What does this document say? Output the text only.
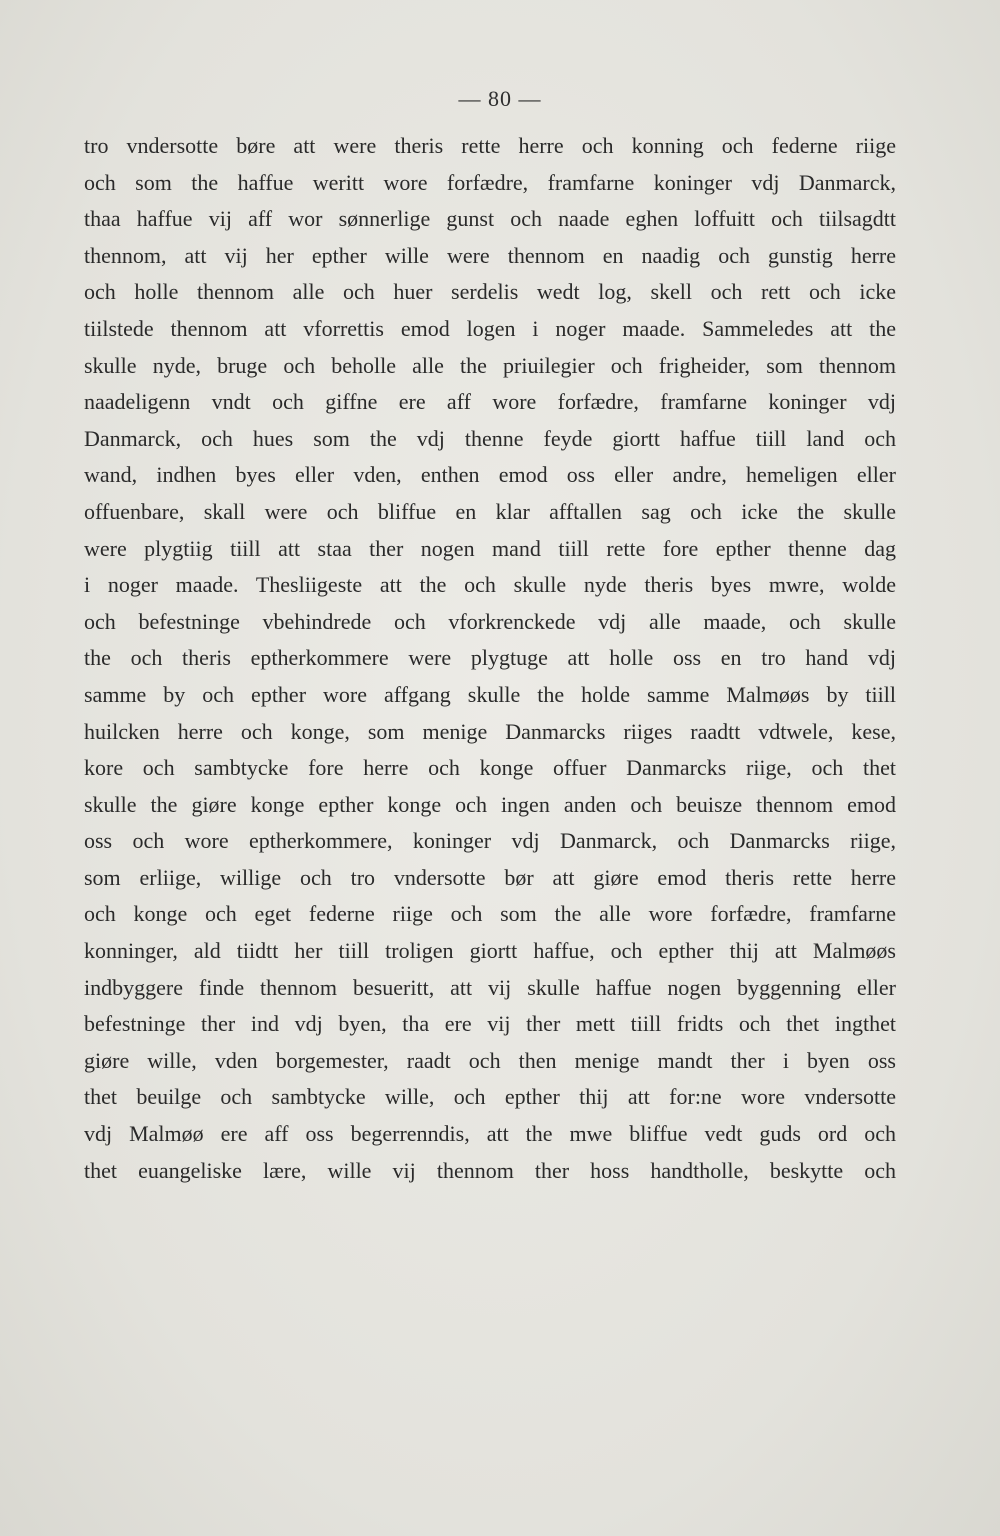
— 80 —
tro vndersotte børe att were theris rette herre och konning och federne riige
och som the haffue weritt wore forfædre, framfarne koninger vdj Danmarck,
thaa haffue vij aff wor sønnerlige gunst och naade eghen loffuitt och tiilsagdtt
thennom, att vij her epther wille were thennom en naadig och gunstig herre
och holle thennom alle och huer serdelis wedt log, skell och rett och icke
tiilstede thennom att vforrettis emod logen i noger maade. Sammeledes att the
skulle nyde, bruge och beholle alle the priuilegier och frigheider, som thennom
naadeligenn vndt och giffne ere aff wore forfædre, framfarne koninger vdj
Danmarck, och hues som the vdj thenne feyde giortt haffue tiill land och
wand, indhen byes eller vden, enthen emod oss eller andre, hemeligen eller
offuenbare, skall were och bliffue en klar afftallen sag och icke the skulle
were plygtiig tiill att staa ther nogen mand tiill rette fore epther thenne dag
i noger maade. Thesliigeste att the och skulle nyde theris byes mwre, wolde
och befestninge vbehindrede och vforkrenckede vdj alle maade, och skulle
the och theris eptherkommere were plygtuge att holle oss en tro hand vdj
samme by och epther wore affgang skulle the holde samme Malmøøs by tiill
huilcken herre och konge, som menige Danmarcks riiges raadtt vdtwele, kese,
kore och sambtycke fore herre och konge offuer Danmarcks riige, och thet
skulle the giøre konge epther konge och ingen anden och beuisze thennom emod
oss och wore eptherkommere, koninger vdj Danmarck, och Danmarcks riige,
som erliige, willige och tro vndersotte bør att giøre emod theris rette herre
och konge och eget federne riige och som the alle wore forfædre, framfarne
konninger, ald tiidtt her tiill troligen giortt haffue, och epther thij att Malmøøs
indbyggere finde thennom besueritt, att vij skulle haffue nogen byggenning eller
befestninge ther ind vdj byen, tha ere vij ther mett tiill fridts och thet ingthet
giøre wille, vden borgemester, raadt och then menige mandt ther i byen oss
thet beuilge och sambtycke wille, och epther thij att for:ne wore vndersotte
vdj Malmøø ere aff oss begerrenndis, att the mwe bliffue vedt guds ord och
thet euangeliske lære, wille vij thennom ther hoss handtholle, beskytte och
